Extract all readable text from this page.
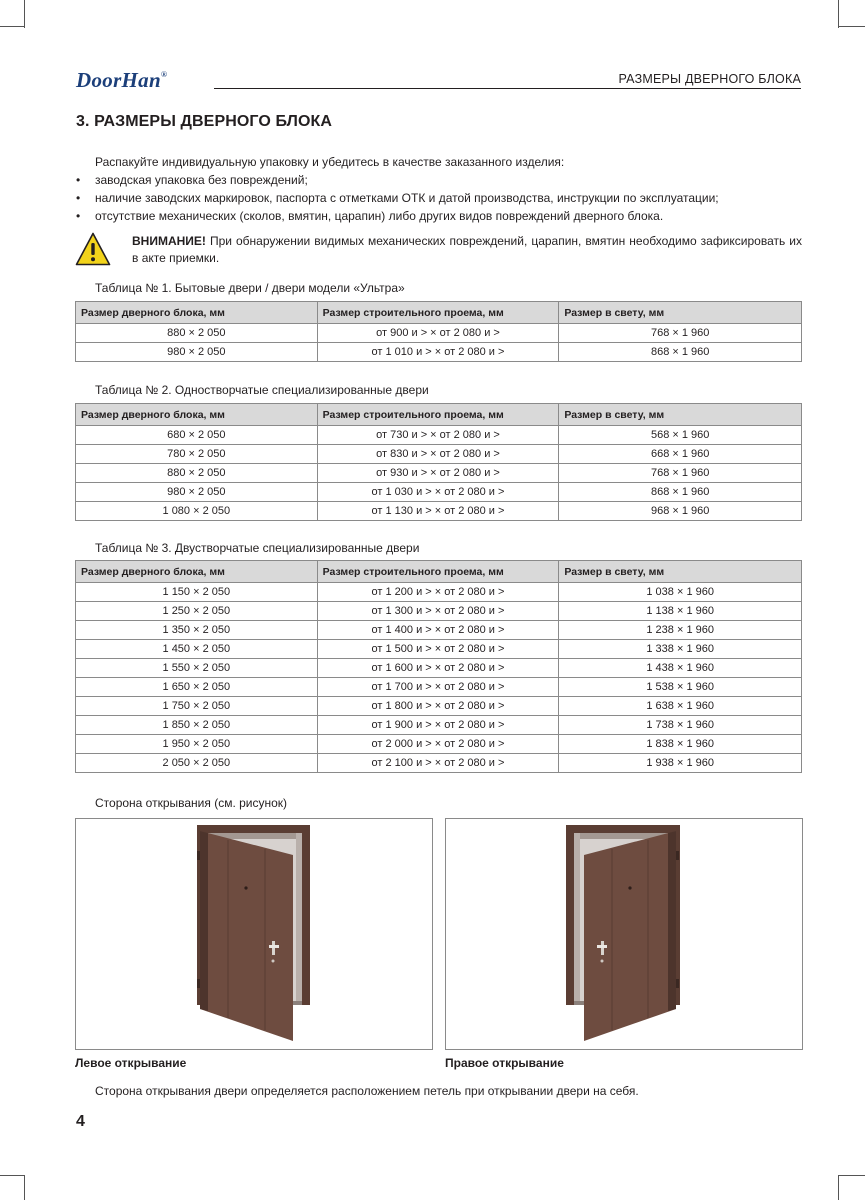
DoorHan®	РАЗМЕРЫ ДВЕРНОГО БЛОКА
3. РАЗМЕРЫ ДВЕРНОГО БЛОКА
Распакуйте индивидуальную упаковку и убедитесь в качестве заказанного изделия:
• заводская упаковка без повреждений;
• наличие заводских маркировок, паспорта с отметками ОТК и датой производства, инструкции по эксплуатации;
• отсутствие механических (сколов, вмятин, царапин) либо других видов повреждений дверного блока.
ВНИМАНИЕ! При обнаружении видимых механических повреждений, царапин, вмятин необходимо зафиксировать их в акте приемки.
Таблица № 1. Бытовые двери / двери модели «Ультра»
Размер дверного блока, мм	Размер строительного проема, мм	Размер в свету, мм
880 × 2 050	от 900 и > × от 2 080 и >	768 × 1 960
980 × 2 050	от 1 010 и > × от 2 080 и >	868 × 1 960
Таблица № 2. Одностворчатые специализированные двери
Размер дверного блока, мм	Размер строительного проема, мм	Размер в свету, мм
680 × 2 050	от 730 и > × от 2 080 и >	568 × 1 960
780 × 2 050	от 830 и > × от 2 080 и >	668 × 1 960
880 × 2 050	от 930 и > × от 2 080 и >	768 × 1 960
980 × 2 050	от 1 030 и > × от 2 080 и >	868 × 1 960
1 080 × 2 050	от 1 130 и > × от 2 080 и >	968 × 1 960
Таблица № 3. Двустворчатые специализированные двери
Размер дверного блока, мм	Размер строительного проема, мм	Размер в свету, мм
1 150 × 2 050	от 1 200 и > × от 2 080 и >	1 038 × 1 960
1 250 × 2 050	от 1 300 и > × от 2 080 и >	1 138 × 1 960
1 350 × 2 050	от 1 400 и > × от 2 080 и >	1 238 × 1 960
1 450 × 2 050	от 1 500 и > × от 2 080 и >	1 338 × 1 960
1 550 × 2 050	от 1 600 и > × от 2 080 и >	1 438 × 1 960
1 650 × 2 050	от 1 700 и > × от 2 080 и >	1 538 × 1 960
1 750 × 2 050	от 1 800 и > × от 2 080 и >	1 638 × 1 960
1 850 × 2 050	от 1 900 и > × от 2 080 и >	1 738 × 1 960
1 950 × 2 050	от 2 000 и > × от 2 080 и >	1 838 × 1 960
2 050 × 2 050	от 2 100 и > × от 2 080 и >	1 938 × 1 960
Сторона открывания (см. рисунок)
Левое открывание	Правое открывание
Сторона открывания двери определяется расположением петель при открывании двери на себя.
4
